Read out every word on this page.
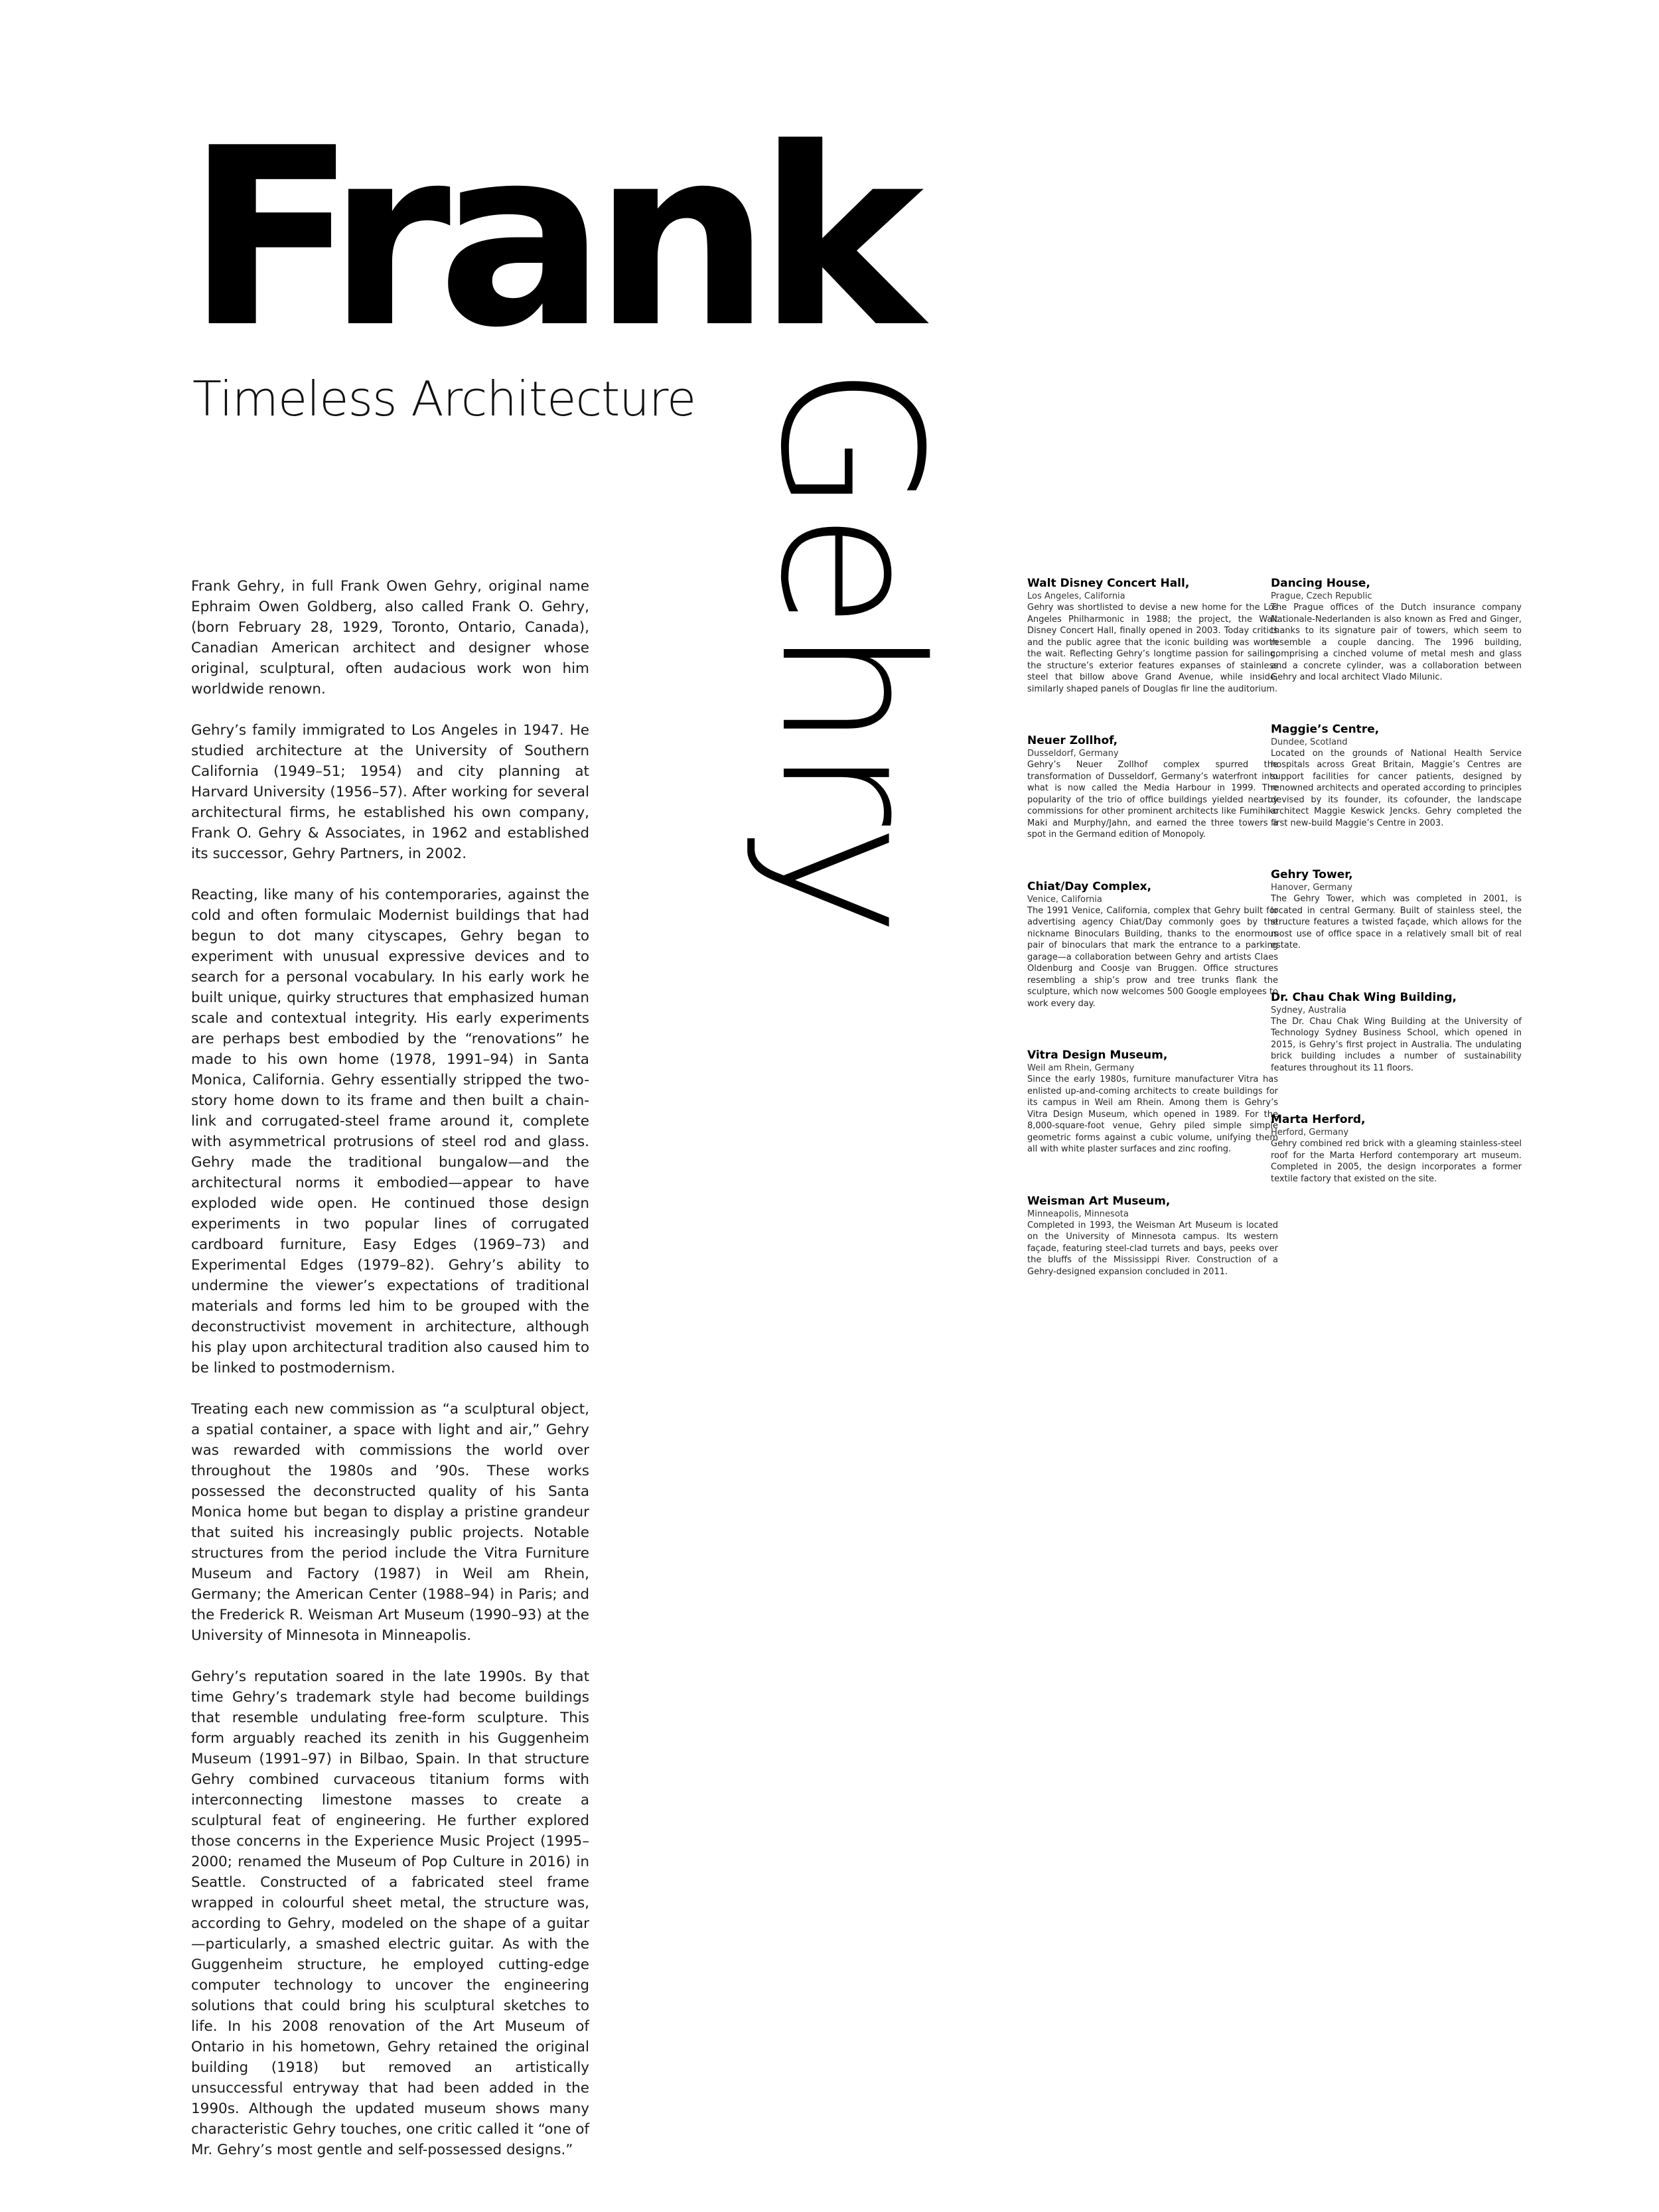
Frank
Timeless Architecture Gehry

Frank Gehry, in full Frank Owen Gehry, original name Ephraim Owen Goldberg, also called Frank O. Gehry, (born February 28, 1929, Toronto, Ontario, Canada), Canadian American architect and designer whose original, sculptural, often audacious work won him worldwide renown.

Gehry’s family immigrated to Los Angeles in 1947. He studied architecture at the University of Southern California (1949–51; 1954) and city planning at Harvard University (1956–57). After working for several architectural firms, he established his own company, Frank O. Gehry & Associates, in 1962 and established its successor, Gehry Partners, in 2002.

Reacting, like many of his contemporaries, against the cold and often formulaic Modernist buildings that had begun to dot many cityscapes, Gehry began to experiment with unusual expressive devices and to search for a personal vocabulary. In his early work he built unique, quirky structures that emphasized human scale and contextual integrity. His early experiments are perhaps best embodied by the “renovations” he made to his own home (1978, 1991–94) in Santa Monica, California. Gehry essentially stripped the two-story home down to its frame and then built a chain-link and corrugated-steel frame around it, complete with asymmetrical protrusions of steel rod and glass. Gehry made the traditional bungalow—and the architectural norms it embodied—appear to have exploded wide open. He continued those design experiments in two popular lines of corrugated cardboard furniture, Easy Edges (1969–73) and Experimental Edges (1979–82). Gehry’s ability to undermine the viewer’s expectations of traditional materials and forms led him to be grouped with the deconstructivist movement in architecture, although his play upon architectural tradition also caused him to be linked to postmodernism.

Treating each new commission as “a sculptural object, a spatial container, a space with light and air,” Gehry was rewarded with commissions the world over throughout the 1980s and ’90s. These works possessed the deconstructed quality of his Santa Monica home but began to display a pristine grandeur that suited his increasingly public projects. Notable structures from the period include the Vitra Furniture Museum and Factory (1987) in Weil am Rhein, Germany; the American Center (1988–94) in Paris; and the Frederick R. Weisman Art Museum (1990–93) at the University of Minnesota in Minneapolis.

Gehry’s reputation soared in the late 1990s. By that time Gehry’s trademark style had become buildings that resemble undulating free-form sculpture. This form arguably reached its zenith in his Guggenheim Museum (1991–97) in Bilbao, Spain. In that structure Gehry combined curvaceous titanium forms with interconnecting limestone masses to create a sculptural feat of engineering. He further explored those concerns in the Experience Music Project (1995–2000; renamed the Museum of Pop Culture in 2016) in Seattle. Constructed of a fabricated steel frame wrapped in colourful sheet metal, the structure was, according to Gehry, modeled on the shape of a guitar—particularly, a smashed electric guitar. As with the Guggenheim structure, he employed cutting-edge computer technology to uncover the engineering solutions that could bring his sculptural sketches to life. In his 2008 renovation of the Art Museum of Ontario in his hometown, Gehry retained the original building (1918) but removed an artistically unsuccessful entryway that had been added in the 1990s. Although the updated museum shows many characteristic Gehry touches, one critic called it “one of Mr. Gehry’s most gentle and self-possessed designs.”

Walt Disney Concert Hall,

Los Angeles, California

Gehry was shortlisted to devise a new home for the Los Angeles Philharmonic in 1988; the project, the Walt Disney Concert Hall, finally opened in 2003. Today critics and the public agree that the iconic building was worth the wait. Reflecting Gehry’s longtime passion for sailing, the structure’s exterior features expanses of stainless steel that billow above Grand Avenue, while inside, similarly shaped panels of Douglas fir line the auditorium.

Neuer Zollhof,

Dusseldorf, Germany

Gehry’s Neuer Zollhof complex spurred the transformation of Dusseldorf, Germany’s waterfront into what is now called the Media Harbour in 1999. The popularity of the trio of office buildings yielded nearby commissions for other prominent architects like Fumihiko Maki and Murphy/Jahn, and earned the three towers a spot in the Germand edition of Monopoly.

Chiat/Day Complex,

Venice, California

The 1991 Venice, California, complex that Gehry built for advertising agency Chiat/Day commonly goes by the nickname Binoculars Building, thanks to the enormous pair of binoculars that mark the entrance to a parking garage—a collaboration between Gehry and artists Claes Oldenburg and Coosje van Bruggen. Office structures resembling a ship’s prow and tree trunks flank the sculpture, which now welcomes 500 Google employees to work every day.

Vitra Design Museum,

Weil am Rhein, Germany

Since the early 1980s, furniture manufacturer Vitra has enlisted up-and-coming architects to create buildings for its campus in Weil am Rhein. Among them is Gehry’s Vitra Design Museum, which opened in 1989. For the 8,000-square-foot venue, Gehry piled simple simple geometric forms against a cubic volume, unifying them all with white plaster surfaces and zinc roofing.

Weisman Art Museum,

Minneapolis, Minnesota

Completed in 1993, the Weisman Art Museum is located on the University of Minnesota campus. Its western façade, featuring steel-clad turrets and bays, peeks over the bluffs of the Mississippi River. Construction of a Gehry-designed expansion concluded in 2011.

Dancing House,

Prague, Czech Republic

The Prague offices of the Dutch insurance company Nationale-Nederlanden is also known as Fred and Ginger, thanks to its signature pair of towers, which seem to resemble a couple dancing. The 1996 building, comprising a cinched volume of metal mesh and glass and a concrete cylinder, was a collaboration between Gehry and local architect Vlado Milunic.

Maggie’s Centre,

Dundee, Scotland

Located on the grounds of National Health Service hospitals across Great Britain, Maggie’s Centres are support facilities for cancer patients, designed by renowned architects and operated according to principles devised by its founder, its cofounder, the landscape architect Maggie Keswick Jencks. Gehry completed the first new-build Maggie’s Centre in 2003.

Gehry Tower,

Hanover, Germany

The Gehry Tower, which was completed in 2001, is located in central Germany. Built of stainless steel, the structure features a twisted façade, which allows for the most use of office space in a relatively small bit of real estate.

Dr. Chau Chak Wing Building,

Sydney, Australia

The Dr. Chau Chak Wing Building at the University of Technology Sydney Business School, which opened in 2015, is Gehry’s first project in Australia. The undulating brick building includes a number of sustainability features throughout its 11 floors.

Marta Herford,

Herford, Germany

Gehry combined red brick with a gleaming stainless-steel roof for the Marta Herford contemporary art museum. Completed in 2005, the design incorporates a former textile factory that existed on the site.
